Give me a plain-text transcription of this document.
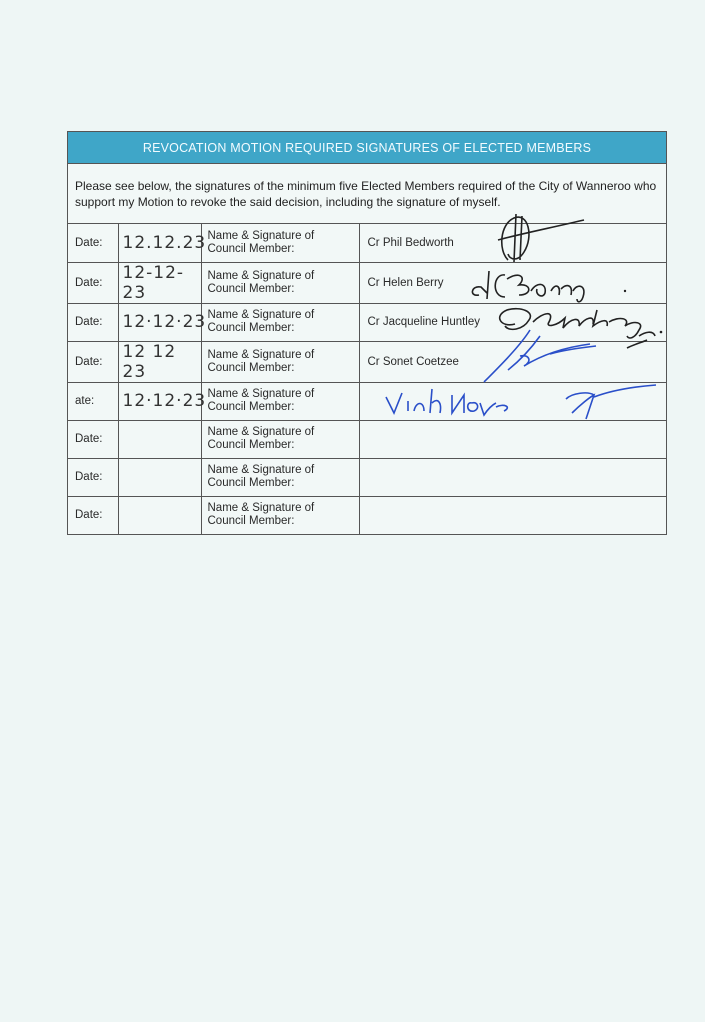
REVOCATION MOTION REQUIRED SIGNATURES OF ELECTED MEMBERS
Please see below, the signatures of the minimum five Elected Members required of the City of Wanneroo who support my Motion to revoke the said decision, including the signature of myself.
Date:	12.12.23	Name & Signature of
Council Member:	Cr Phil Bedworth

Date:	12-12-23	Name & Signature of
Council Member:	Cr Helen Berry

Date:	12·12·23	Name & Signature of
Council Member:	Cr Jacqueline Huntley

Date:	12 12 23	Name & Signature of
Council Member:	Cr Sonet Coetzee

ate:	12·12·23	Name & Signature of
Council Member:	

Date:		Name & Signature of
Council Member:	
Date:		Name & Signature of
Council Member:	
Date:		Name & Signature of
Council Member:	
